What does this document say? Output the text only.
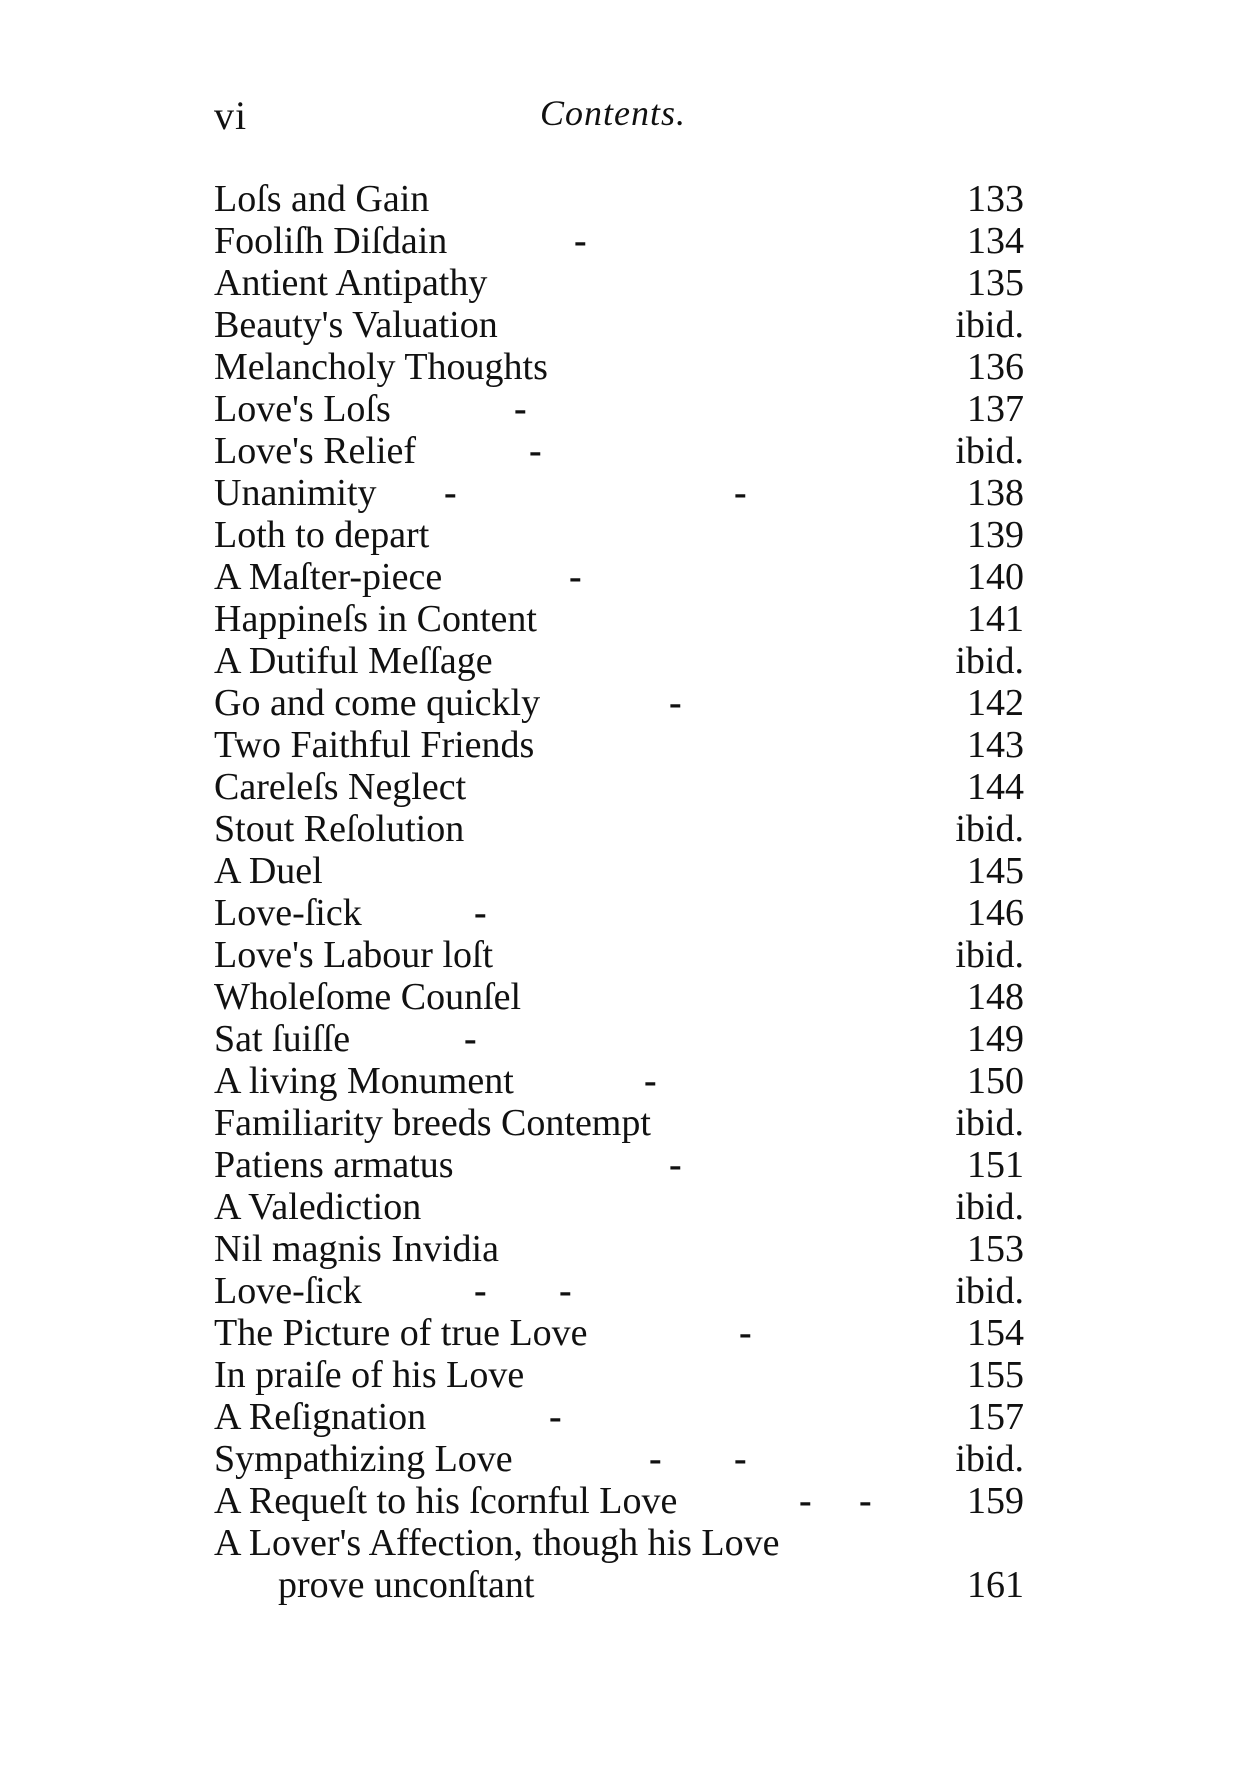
vi	Contents.
Loſs and Gain	133
Fooliſh Diſdain	-	134
Antient Antipathy	135
Beauty's Valuation	ibid.
Melancholy Thoughts	136
Love's Loſs	-	137
Love's Relief	-	ibid.
Unanimity -	-	138
Loth to depart	139
A Maſter-piece	-	140
Happineſs in Content	141
A Dutiful Meſſage	ibid.
Go and come quickly	-	142
Two Faithful Friends	143
Careleſs Neglect	144
Stout Reſolution	ibid.
A Duel	145
Love-ſick	-	146
Love's Labour loſt	ibid.
Wholeſome Counſel	148
Sat ſuiſſe	-	149
A living Monument	-	150
Familiarity breeds Contempt	ibid.
Patiens armatus	-	151
A Valediction	ibid.
Nil magnis Invidia	153
Love-ſick	- -	ibid.
The Picture of true Love	-	154
In praiſe of his Love	155
A Reſignation	-	157
Sympathizing Love	- -	ibid.
A Requeſt to his ſcornful Love	- -	159
A Lover's Affection, though his Love
prove unconſtant	161
